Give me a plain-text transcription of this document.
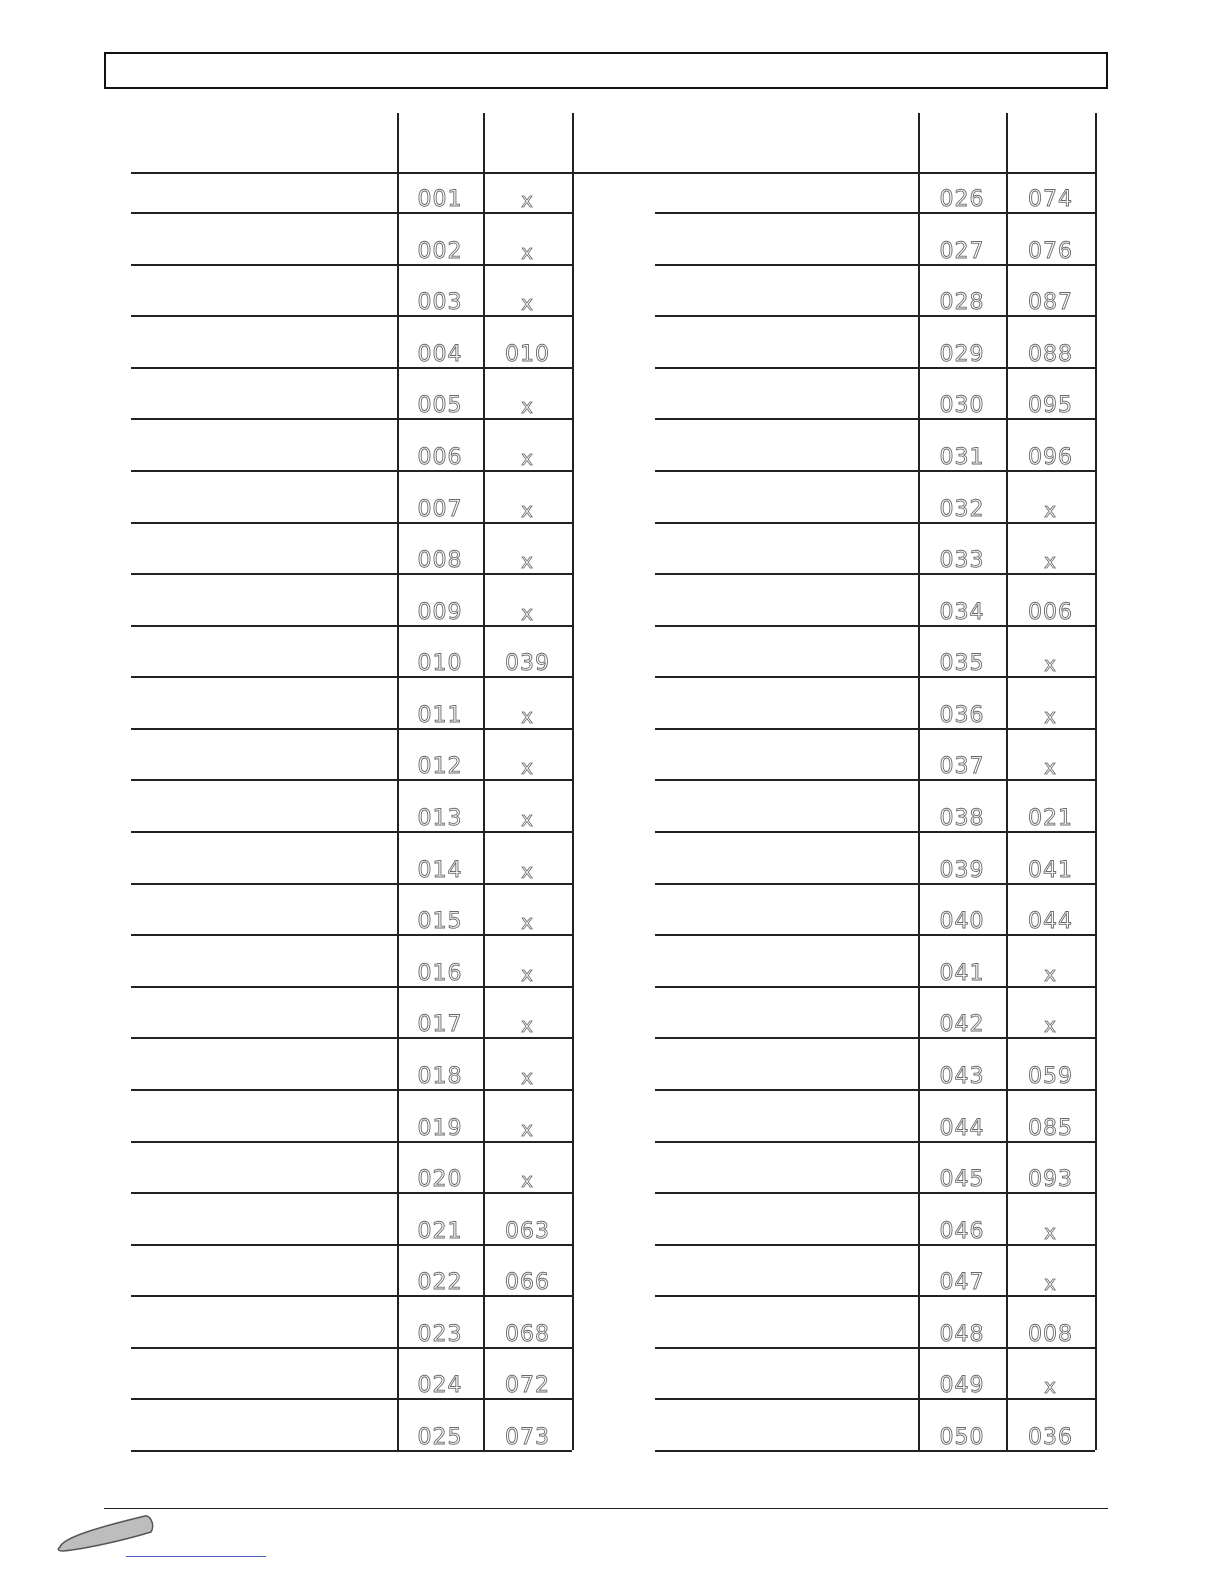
001	x
002	x
003	x
004	010
005	x
006	x
007	x
008	x
009	x
010	039
011	x
012	x
013	x
014	x
015	x
016	x
017	x
018	x
019	x
020	x
021	063
022	066
023	068
024	072
025	073
026	074
027	076
028	087
029	088
030	095
031	096
032	x
033	x
034	006
035	x
036	x
037	x
038	021
039	041
040	044
041	x
042	x
043	059
044	085
045	093
046	x
047	x
048	008
049	x
050	036
